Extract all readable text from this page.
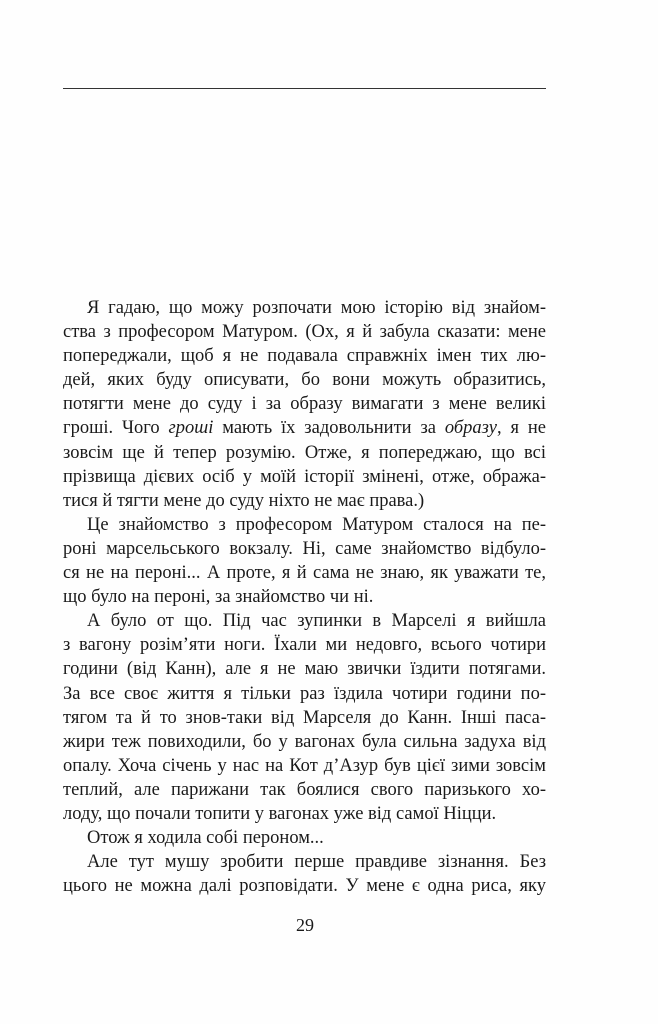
Я гадаю, що можу розпочати мою історію від знайом-
ства з професором Матуром. (Ох, я й забула сказати: мене
попереджали, щоб я не подавала справжніх імен тих лю-
дей, яких буду описувати, бо вони можуть образитись,
потягти мене до суду і за образу вимагати з мене великі
гроші. Чого гроші мають їх задовольнити за образу, я не
зовсім ще й тепер розумію. Отже, я попереджаю, що всі
прізвища дієвих осіб у моїй історії змінені, отже, обража-
тися й тягти мене до суду ніхто не має права.)
Це знайомство з професором Матуром сталося на пе-
роні марсельського вокзалу. Ні, саме знайомство відбуло-
ся не на пероні... А проте, я й сама не знаю, як уважати те,
що було на пероні, за знайомство чи ні.
А було от що. Під час зупинки в Марселі я вийшла
з вагону розім’яти ноги. Їхали ми недовго, всього чотири
години (від Канн), але я не маю звички їздити потягами.
За все своє життя я тільки раз їздила чотири години по-
тягом та й то знов-таки від Марселя до Канн. Інші паса-
жири теж повиходили, бо у вагонах була сильна задуха від
опалу. Хоча січень у нас на Кот д’Азур був цієї зими зовсім
теплий, але парижани так боялися свого паризького хо-
лоду, що почали топити у вагонах уже від самої Ніцци.
Отож я ходила собі пероном...
Але тут мушу зробити перше правдиве зізнання. Без
цього не можна далі розповідати. У мене є одна риса, яку
29
